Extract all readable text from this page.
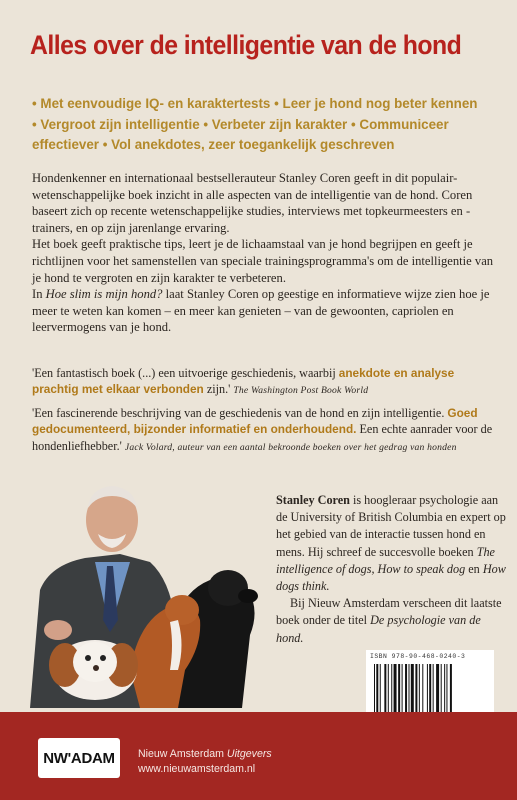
Alles over de intelligentie van de hond
• Met eenvoudige IQ- en karaktertests • Leer je hond nog beter kennen
• Vergroot zijn intelligentie • Verbeter zijn karakter • Communiceer effectiever • Vol anekdotes, zeer toegankelijk geschreven

Hondenkenner en internationaal bestsellerauteur Stanley Coren geeft in dit populair-wetenschappelijke boek inzicht in alle aspecten van de intelligentie van de hond. Coren baseert zich op recente wetenschappelijke studies, interviews met topkeurmeesters en -trainers, en op zijn jarenlange ervaring.

Het boek geeft praktische tips, leert je de lichaamstaal van je hond begrijpen en geeft je richtlijnen voor het samenstellen van speciale trainingsprogramma's om de intelligentie van je hond te vergroten en zijn karakter te verbeteren.

In Hoe slim is mijn hond? laat Stanley Coren op geestige en informatieve wijze zien hoe je meer te weten kan komen – en meer kan genieten – van de gewoonten, capriolen en leervermogens van je hond.

'Een fantastisch boek (...) een uitvoerige geschiedenis, waarbij anekdote en analyse prachtig met elkaar verbonden zijn.' The Washington Post Book World

'Een fascinerende beschrijving van de geschiedenis van de hond en zijn intelligentie. Goed gedocumenteerd, bijzonder informatief en onderhoudend. Een echte aanrader voor de hondenliefhebber.' Jack Volard, auteur van een aantal bekroonde boeken over het gedrag van honden

Stanley Coren is hoogleraar psychologie aan de University of British Columbia en expert op het gebied van de interactie tussen hond en mens. Hij schreef de succesvolle boeken The intelligence of dogs, How to speak dog en How dogs think.

Bij Nieuw Amsterdam verscheen dit laatste boek onder de titel De psychologie van de hond.

ISBN 978-90-468-0240-3
NW'ADAM	Nieuw Amsterdam Uitgevers
www.nieuwamsterdam.nl
